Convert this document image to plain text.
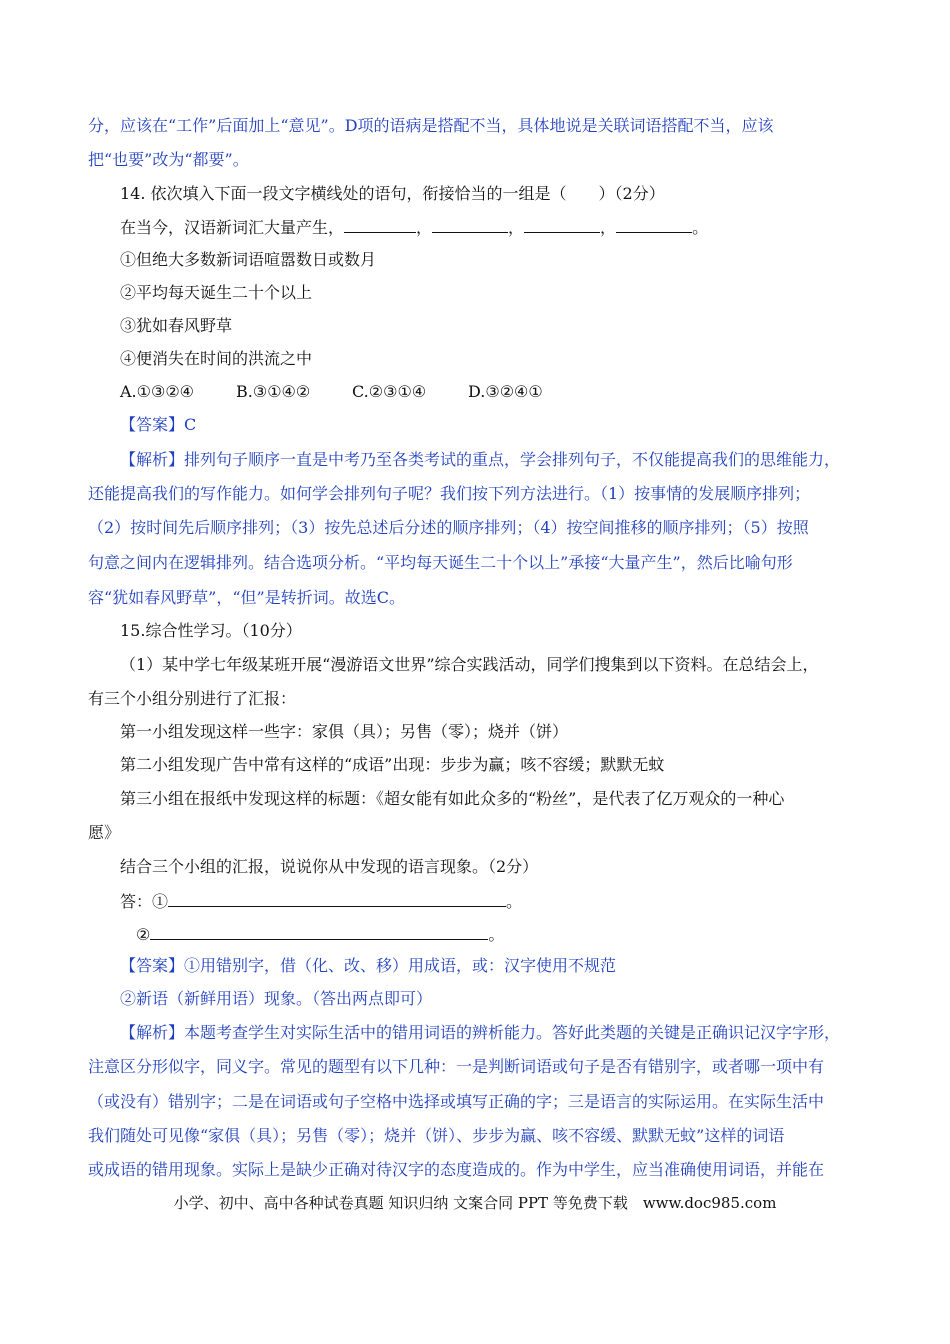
分，应该在“工作”后面加上“意见”。D项的语病是搭配不当，具体地说是关联词语搭配不当，应该
把“也要”改为“都要”。
14. 依次填入下面一段文字横线处的语句，衔接恰当的一组是（　　）（2分）
在当今，汉语新词汇大量产生，	，	，	，	。
①但绝大多数新词语喧嚣数日或数月
②平均每天诞生二十个以上
③犹如春风野草
④便消失在时间的洪流之中
A.①③②④	B.③①④②	C.②③①④	D.③②④①
【答案】C
【解析】排列句子顺序一直是中考乃至各类考试的重点，学会排列句子，不仅能提高我们的思维能力，
还能提高我们的写作能力。如何学会排列句子呢？我们按下列方法进行。（1）按事情的发展顺序排列；
（2）按时间先后顺序排列；（3）按先总述后分述的顺序排列；（4）按空间推移的顺序排列；（5）按照
句意之间内在逻辑排列。结合选项分析。“平均每天诞生二十个以上”承接“大量产生”，然后比喻句形
容“犹如春风野草”，“但”是转折词。故选C。
15.综合性学习。（10分）
（1）某中学七年级某班开展“漫游语文世界”综合实践活动，同学们搜集到以下资料。在总结会上，
有三个小组分别进行了汇报：
第一小组发现这样一些字：家俱（具）；另售（零）；烧并（饼）
第二小组发现广告中常有这样的“成语”出现：步步为赢；咳不容缓；默默无蚊
第三小组在报纸中发现这样的标题：《超女能有如此众多的“粉丝”，是代表了亿万观众的一种心
愿》
结合三个小组的汇报，说说你从中发现的语言现象。（2分）
答：①	。
②	。
【答案】①用错别字，借（化、改、移）用成语，或：汉字使用不规范
②新语（新鲜用语）现象。（答出两点即可）
【解析】本题考查学生对实际生活中的错用词语的辨析能力。答好此类题的关键是正确识记汉字字形，
注意区分形似字，同义字。常见的题型有以下几种：一是判断词语或句子是否有错别字，或者哪一项中有
（或没有）错别字；二是在词语或句子空格中选择或填写正确的字；三是语言的实际运用。在实际生活中
我们随处可见像“家俱（具）；另售（零）；烧并（饼）、步步为赢、咳不容缓、默默无蚊”这样的词语
或成语的错用现象。实际上是缺少正确对待汉字的态度造成的。作为中学生，应当准确使用词语，并能在
小学、初中、高中各种试卷真题 知识归纳 文案合同 PPT 等免费下载　www.doc985.com
